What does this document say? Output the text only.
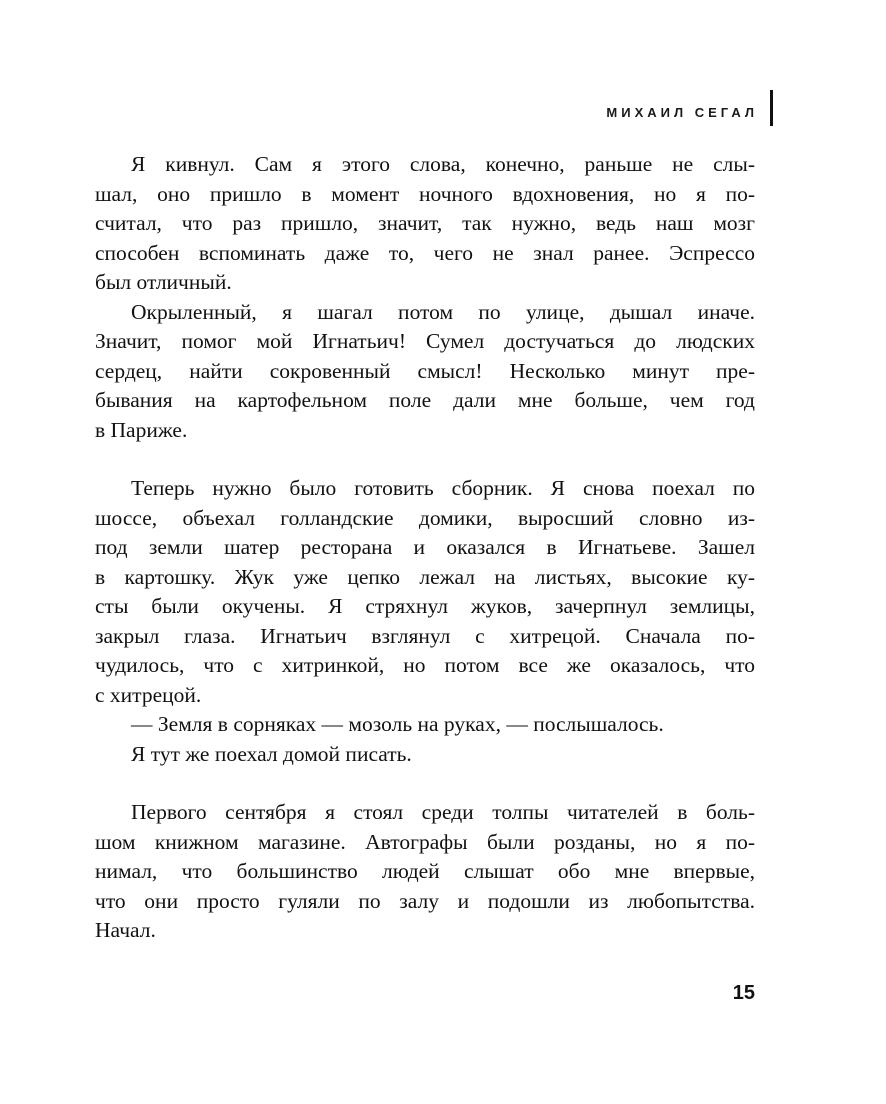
МИХАИЛ СЕГАЛ

Я кивнул. Сам я этого слова, конечно, раньше не слы-
шал, оно пришло в момент ночного вдохновения, но я по-
считал, что раз пришло, значит, так нужно, ведь наш мозг
способен вспоминать даже то, чего не знал ранее. Эспрессо
был отличный.

Окрыленный, я шагал потом по улице, дышал иначе.
Значит, помог мой Игнатьич! Сумел достучаться до людских
сердец, найти сокровенный смысл! Несколько минут пре-
бывания на картофельном поле дали мне больше, чем год
в Париже.

Теперь нужно было готовить сборник. Я снова поехал по
шоссе, объехал голландские домики, выросший словно из-
под земли шатер ресторана и оказался в Игнатьеве. Зашел
в картошку. Жук уже цепко лежал на листьях, высокие ку-
сты были окучены. Я стряхнул жуков, зачерпнул землицы,
закрыл глаза. Игнатьич взглянул с хитрецой. Сначала по-
чудилось, что с хитринкой, но потом все же оказалось, что
с хитрецой.

— Земля в сорняках — мозоль на руках, — послышалось.

Я тут же поехал домой писать.

Первого сентября я стоял среди толпы читателей в боль-
шом книжном магазине. Автографы были розданы, но я по-
нимал, что большинство людей слышат обо мне впервые,
что они просто гуляли по залу и подошли из любопытства.
Начал.

15
